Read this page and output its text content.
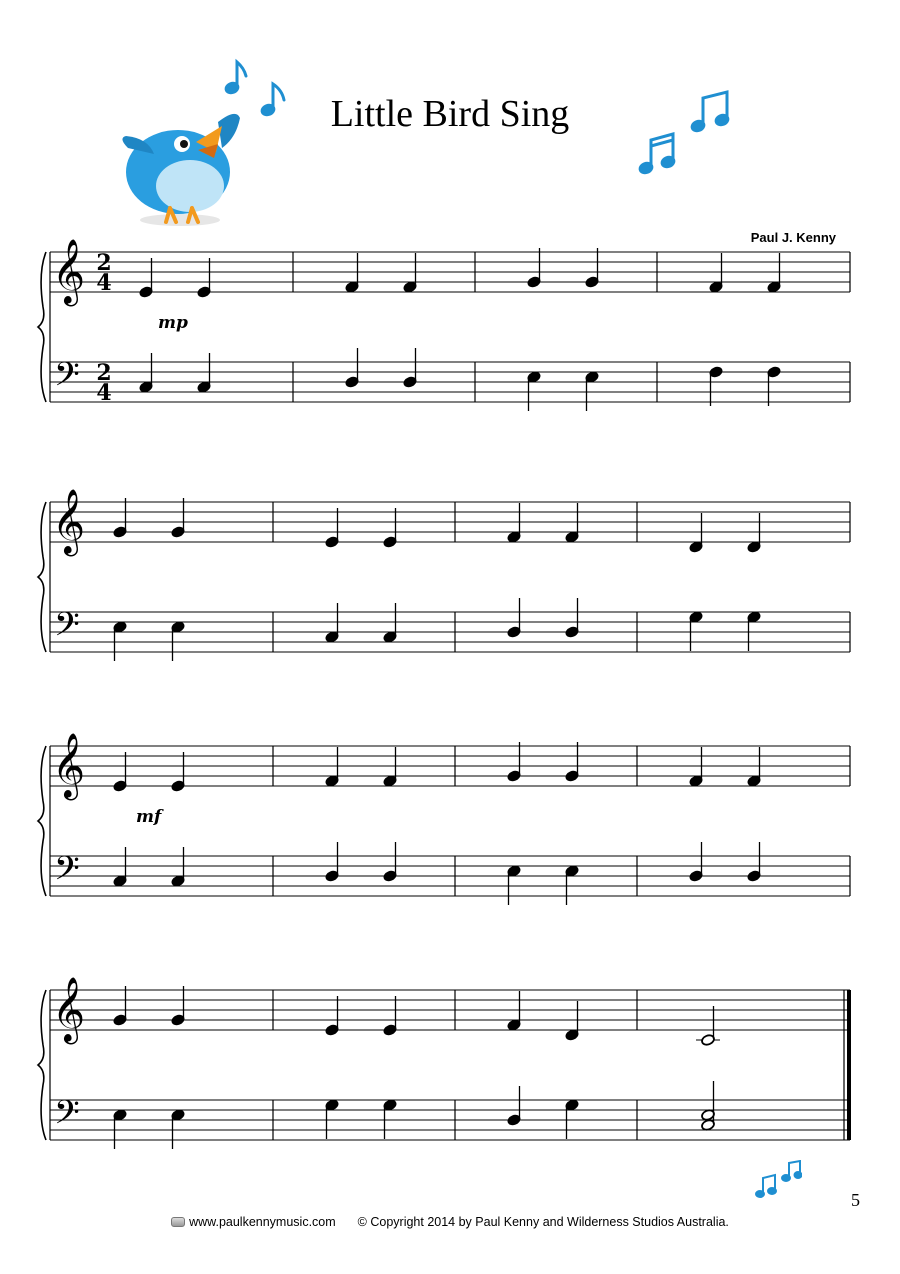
Little Bird Sing
Paul J. Kenny
𝄞
𝄢
2
4
2
4
mp
𝄞
𝄢
𝄞
𝄢
mf
𝄞
𝄢
5
www.paulkennymusic.com © Copyright 2014 by Paul Kenny and Wilderness Studios Australia.
